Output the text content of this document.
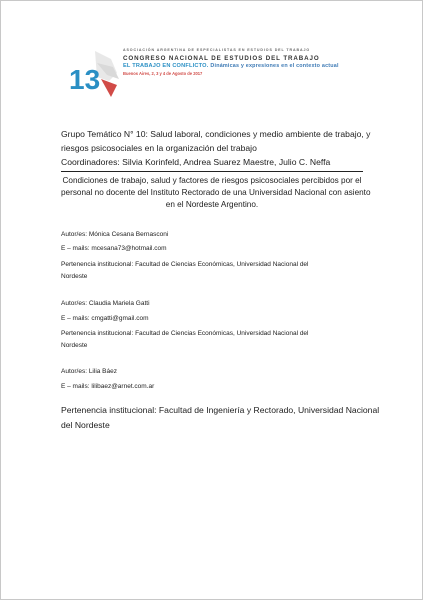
13
ASOCIACIÓN ARGENTINA DE ESPECIALISTAS EN ESTUDIOS DEL TRABAJO
CONGRESO NACIONAL DE ESTUDIOS DEL TRABAJO
EL TRABAJO EN CONFLICTO. Dinámicas y expresiones en el contexto actual
Buenos Aires, 2, 3 y 4 de Agosto de 2017
Grupo Temático N° 10: Salud laboral, condiciones y medio ambiente de trabajo, y
riesgos psicosociales en la organización del trabajo
Coordinadores: Silvia Korinfeld, Andrea Suarez Maestre, Julio C. Neffa
Condiciones de trabajo, salud y factores de riesgos psicosociales percibidos por el
personal no docente del Instituto Rectorado de una Universidad Nacional con asiento
en el Nordeste Argentino.
Autor/es: Mónica Cesana Bernasconi
E – mails: mcesana73@hotmail.com
Pertenencia institucional: Facultad de Ciencias Económicas, Universidad Nacional del
Nordeste
Autor/es: Claudia Mariela Gatti
E – mails: cmgatti@gmail.com
Pertenencia institucional: Facultad de Ciencias Económicas, Universidad Nacional del
Nordeste
Autor/es: Lilia Báez
E – mails: lilibaez@arnet.com.ar
Pertenencia institucional: Facultad de Ingeniería y Rectorado, Universidad Nacional
del Nordeste
